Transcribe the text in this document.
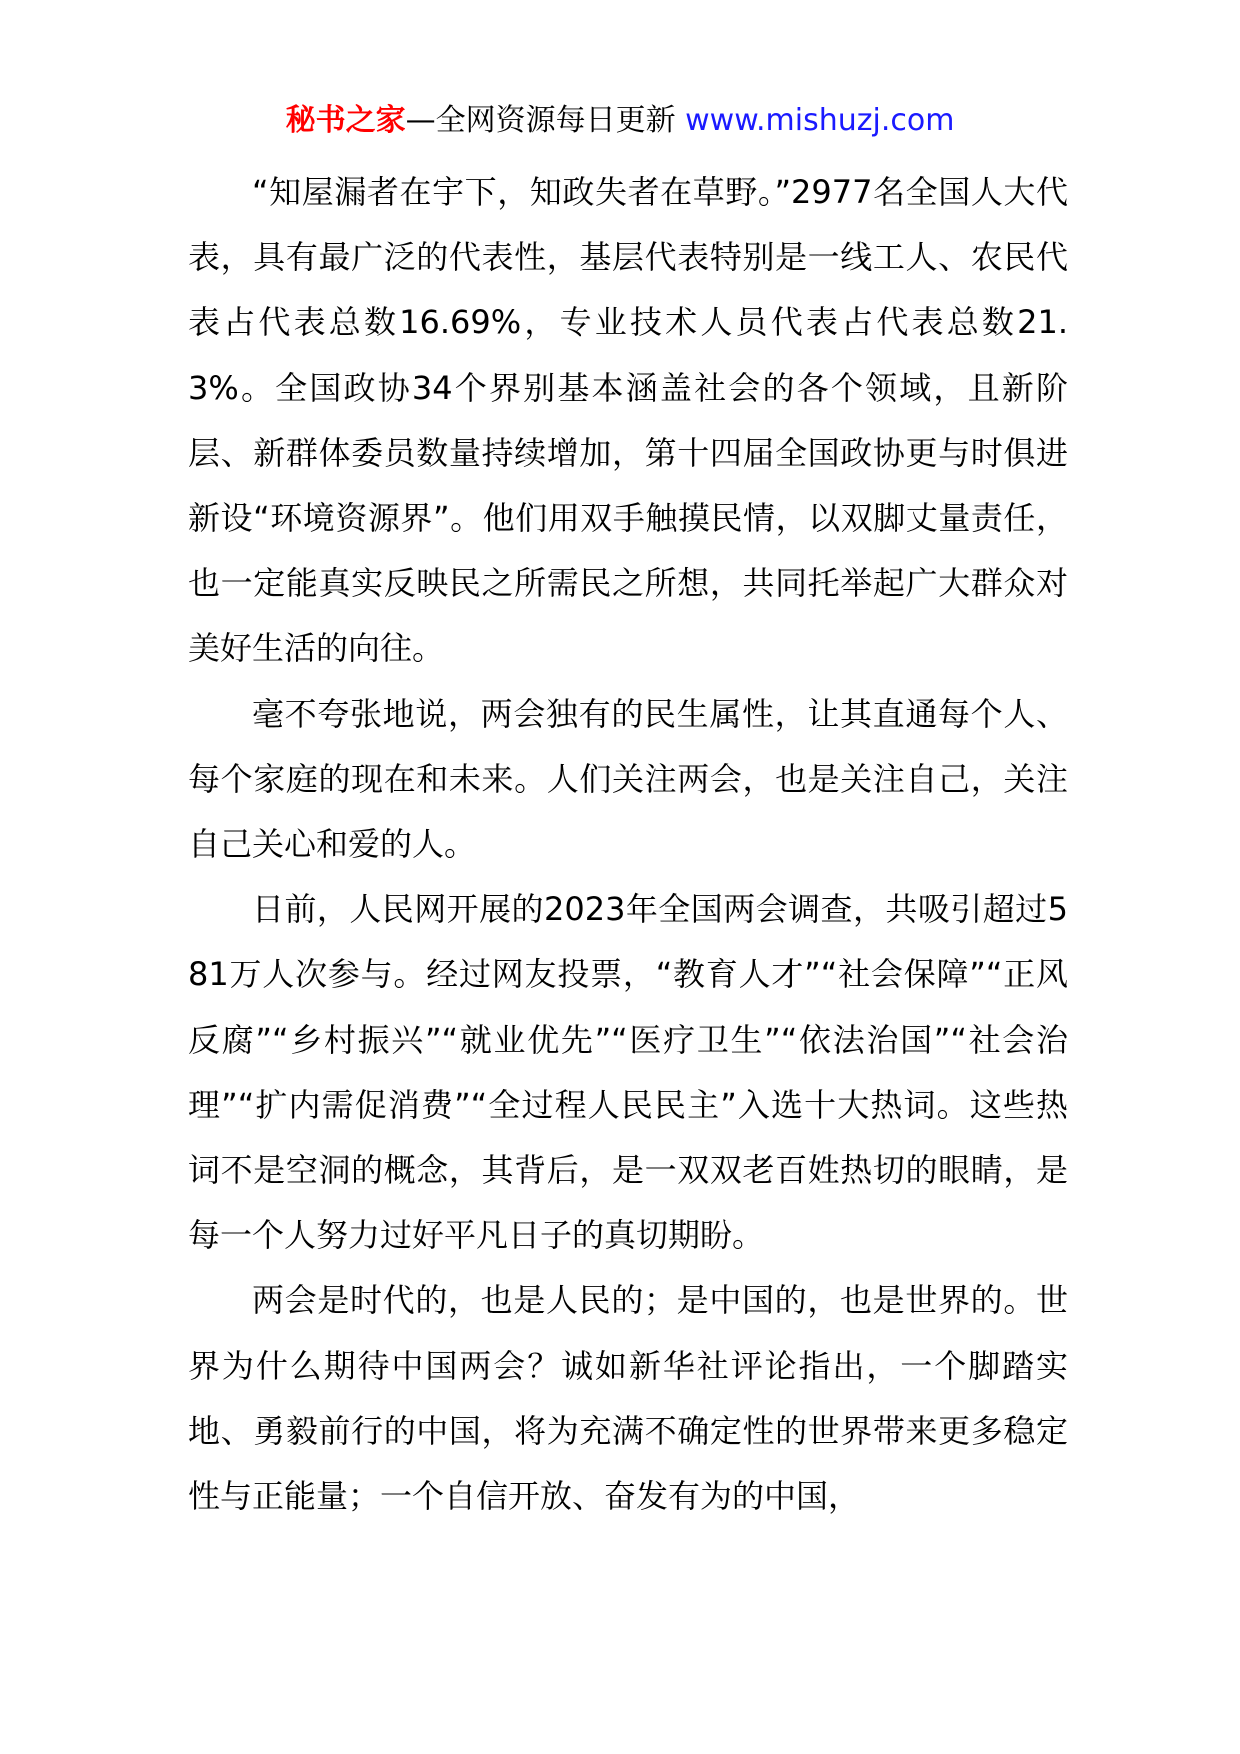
秘书之家—全网资源每日更新 www.mishuzj.com

“知屋漏者在宇下，知政失者在草野。”2977名全国人大代表，具有最广泛的代表性，基层代表特别是一线工人、农民代表占代表总数16.69%，专业技术人员代表占代表总数21.3%。全国政协34个界别基本涵盖社会的各个领域，且新阶层、新群体委员数量持续增加，第十四届全国政协更与时俱进新设“环境资源界”。他们用双手触摸民情，以双脚丈量责任，也一定能真实反映民之所需民之所想，共同托举起广大群众对美好生活的向往。

毫不夸张地说，两会独有的民生属性，让其直通每个人、每个家庭的现在和未来。人们关注两会，也是关注自己，关注自己关心和爱的人。

日前，人民网开展的2023年全国两会调查，共吸引超过581万人次参与。经过网友投票，“教育人才”“社会保障”“正风反腐”“乡村振兴”“就业优先”“医疗卫生”“依法治国”“社会治理”“扩内需促消费”“全过程人民民主”入选十大热词。这些热词不是空洞的概念，其背后，是一双双老百姓热切的眼睛，是每一个人努力过好平凡日子的真切期盼。

两会是时代的，也是人民的；是中国的，也是世界的。世界为什么期待中国两会？诚如新华社评论指出，一个脚踏实地、勇毅前行的中国，将为充满不确定性的世界带来更多稳定性与正能量；一个自信开放、奋发有为的中国，
